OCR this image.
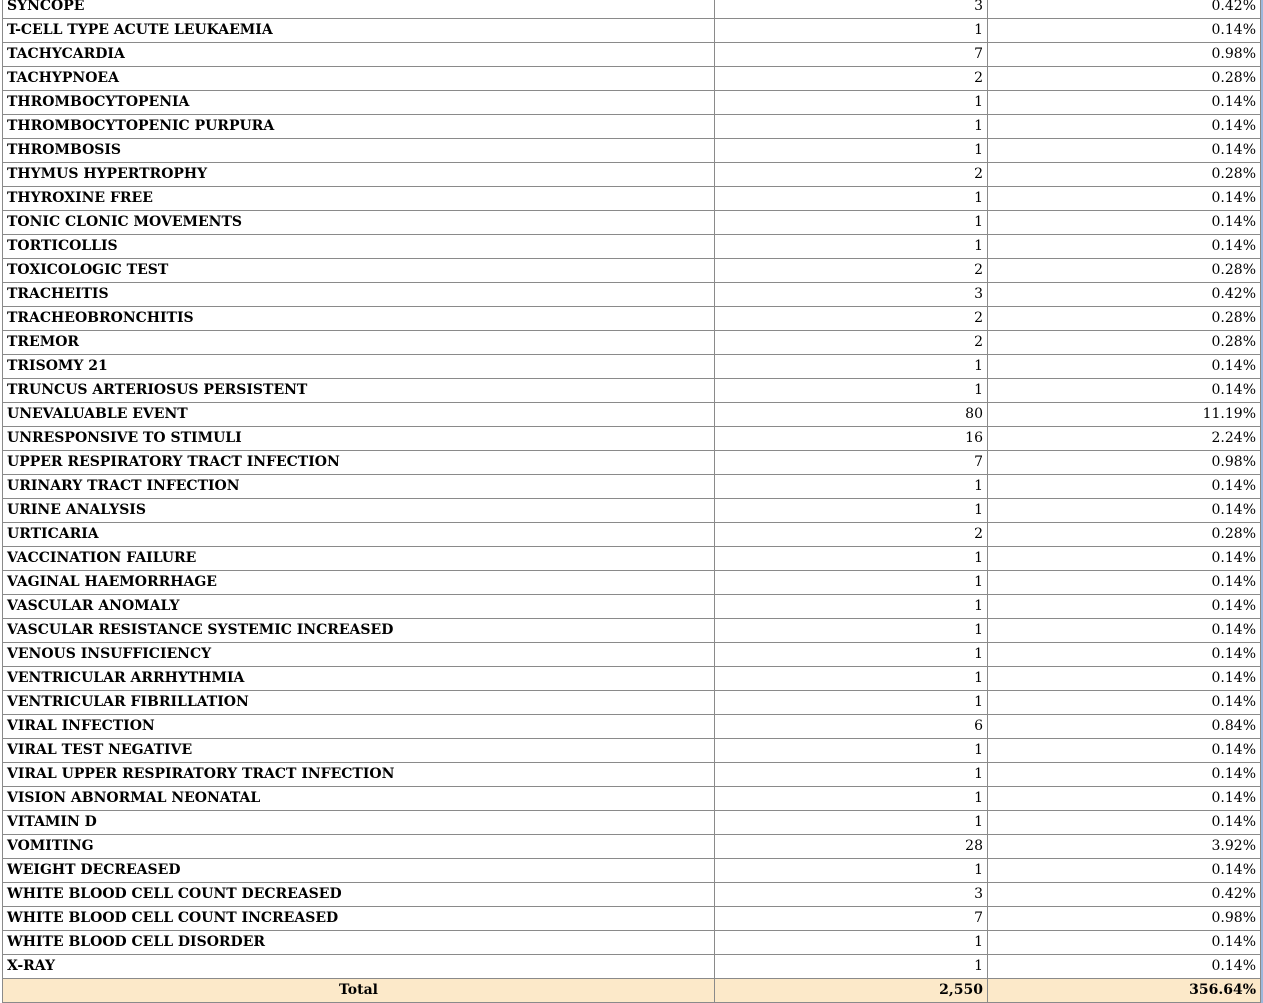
SYNCOPE	3	0.42%
T-CELL TYPE ACUTE LEUKAEMIA	1	0.14%
TACHYCARDIA	7	0.98%
TACHYPNOEA	2	0.28%
THROMBOCYTOPENIA	1	0.14%
THROMBOCYTOPENIC PURPURA	1	0.14%
THROMBOSIS	1	0.14%
THYMUS HYPERTROPHY	2	0.28%
THYROXINE FREE	1	0.14%
TONIC CLONIC MOVEMENTS	1	0.14%
TORTICOLLIS	1	0.14%
TOXICOLOGIC TEST	2	0.28%
TRACHEITIS	3	0.42%
TRACHEOBRONCHITIS	2	0.28%
TREMOR	2	0.28%
TRISOMY 21	1	0.14%
TRUNCUS ARTERIOSUS PERSISTENT	1	0.14%
UNEVALUABLE EVENT	80	11.19%
UNRESPONSIVE TO STIMULI	16	2.24%
UPPER RESPIRATORY TRACT INFECTION	7	0.98%
URINARY TRACT INFECTION	1	0.14%
URINE ANALYSIS	1	0.14%
URTICARIA	2	0.28%
VACCINATION FAILURE	1	0.14%
VAGINAL HAEMORRHAGE	1	0.14%
VASCULAR ANOMALY	1	0.14%
VASCULAR RESISTANCE SYSTEMIC INCREASED	1	0.14%
VENOUS INSUFFICIENCY	1	0.14%
VENTRICULAR ARRHYTHMIA	1	0.14%
VENTRICULAR FIBRILLATION	1	0.14%
VIRAL INFECTION	6	0.84%
VIRAL TEST NEGATIVE	1	0.14%
VIRAL UPPER RESPIRATORY TRACT INFECTION	1	0.14%
VISION ABNORMAL NEONATAL	1	0.14%
VITAMIN D	1	0.14%
VOMITING	28	3.92%
WEIGHT DECREASED	1	0.14%
WHITE BLOOD CELL COUNT DECREASED	3	0.42%
WHITE BLOOD CELL COUNT INCREASED	7	0.98%
WHITE BLOOD CELL DISORDER	1	0.14%
X-RAY	1	0.14%
Total	2,550	356.64%
